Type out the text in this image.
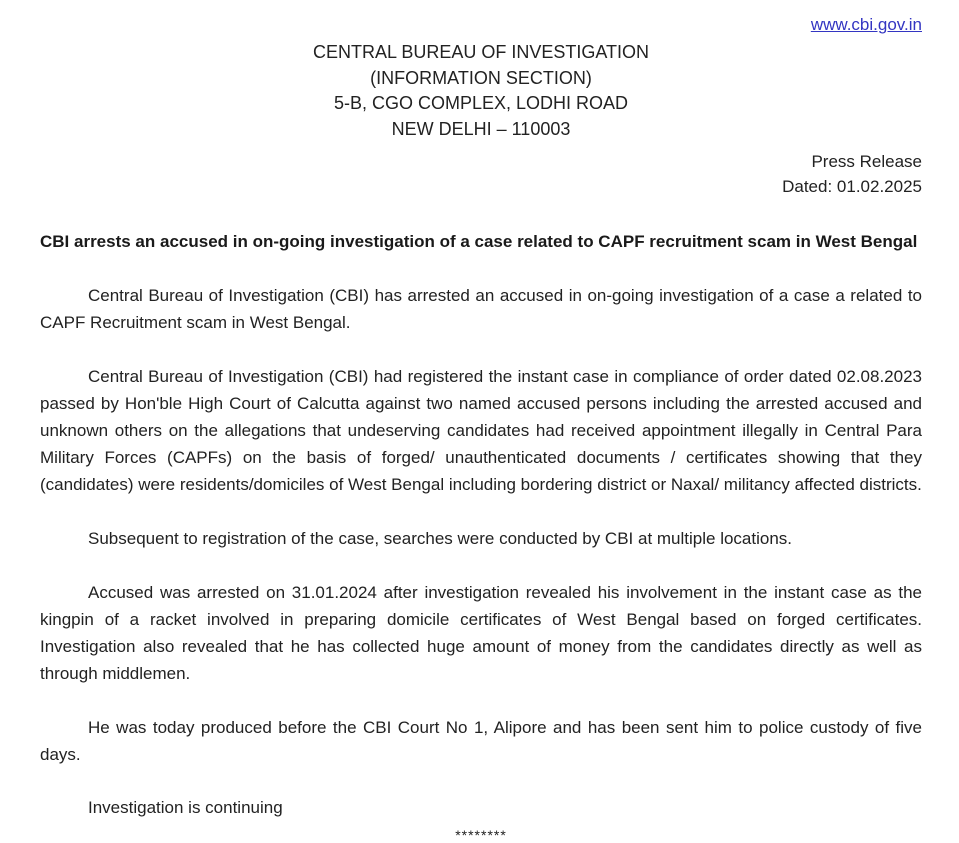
www.cbi.gov.in
CENTRAL BUREAU OF INVESTIGATION
(INFORMATION SECTION)
5-B, CGO COMPLEX, LODHI ROAD
NEW DELHI – 110003
Press Release
Dated: 01.02.2025
CBI arrests an accused in on-going investigation of a case related to CAPF recruitment scam in West Bengal

Central Bureau of Investigation (CBI) has arrested an accused in on-going investigation of a case a related to CAPF Recruitment scam in West Bengal.

Central Bureau of Investigation (CBI) had registered the instant case in compliance of order dated 02.08.2023 passed by Hon'ble High Court of Calcutta against two named accused persons including the arrested accused and unknown others on the allegations that undeserving candidates had received appointment illegally in Central Para Military Forces (CAPFs) on the basis of forged/ unauthenticated documents / certificates showing that they (candidates) were residents/domiciles of West Bengal including bordering district or Naxal/ militancy affected districts.

Subsequent to registration of the case, searches were conducted by CBI at multiple locations.

Accused was arrested on 31.01.2024 after investigation revealed his involvement in the instant case as the kingpin of a racket involved in preparing domicile certificates of West Bengal based on forged certificates. Investigation also revealed that he has collected huge amount of money from the candidates directly as well as through middlemen.

He was today produced before the CBI Court No 1, Alipore and has been sent him to police custody of five days.

Investigation is continuing

********
